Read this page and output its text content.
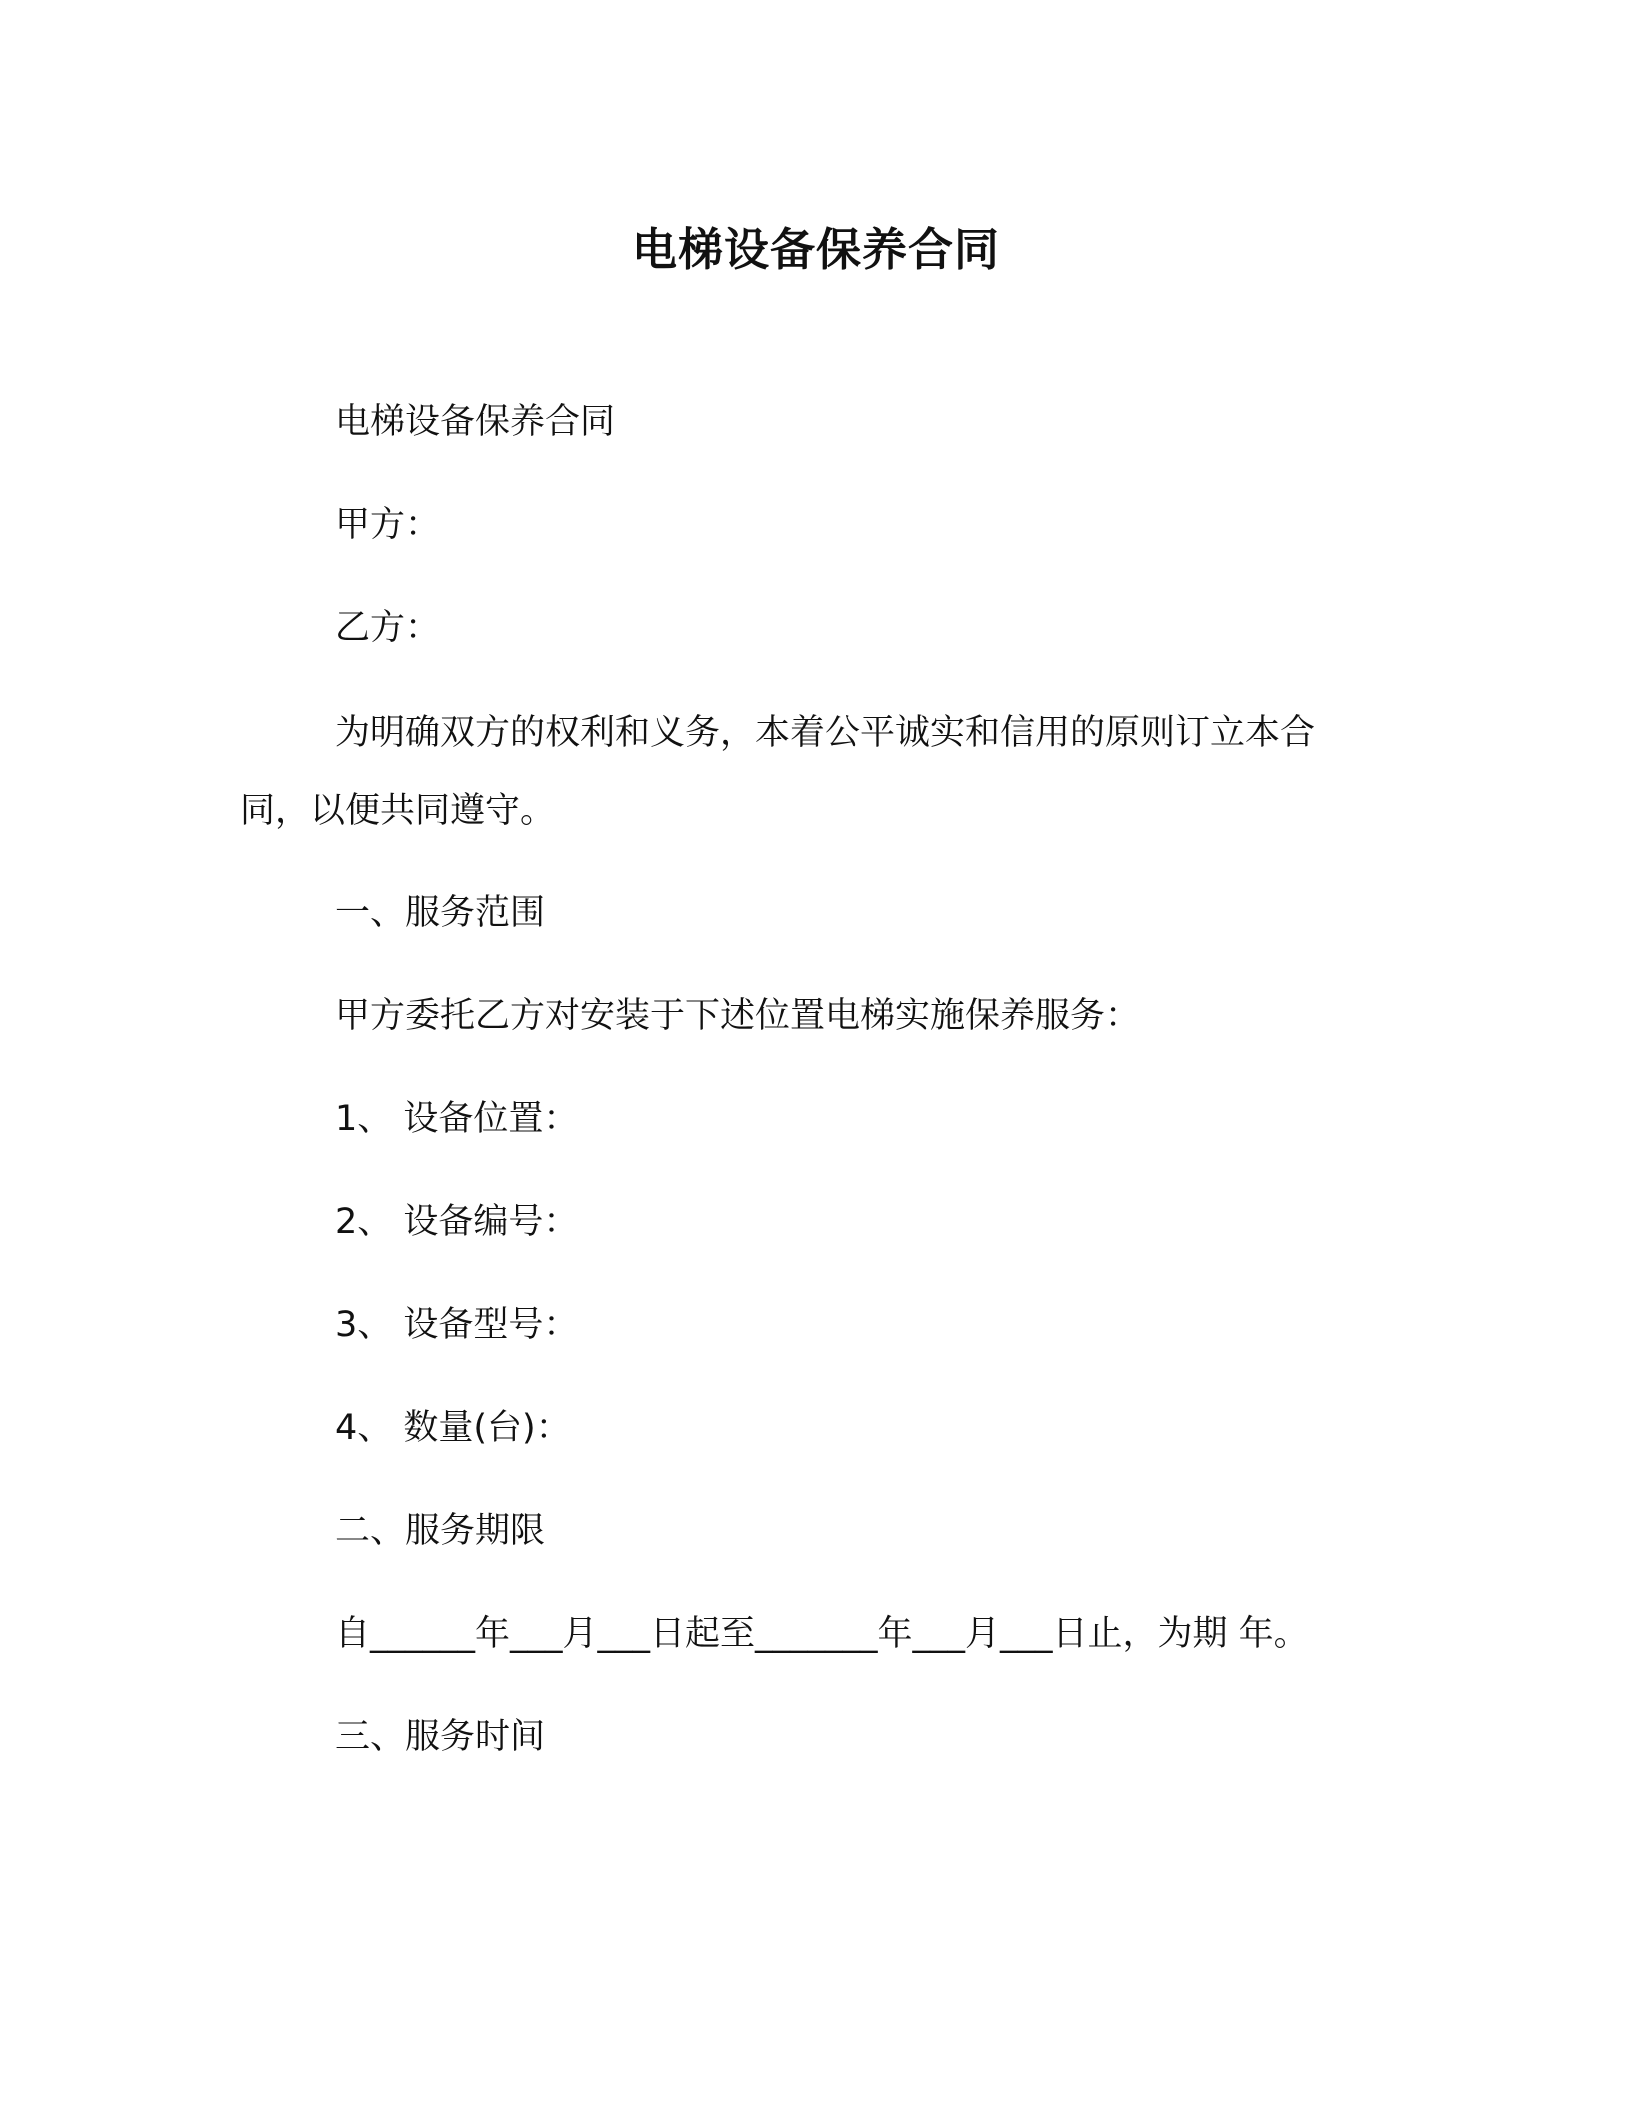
电梯设备保养合同

电梯设备保养合同

甲方：

乙方：

为明确双方的权利和义务，本着公平诚实和信用的原则订立本合

同，以便共同遵守。

一、服务范围

甲方委托乙方对安装于下述位置电梯实施保养服务：

1、 设备位置：

2、 设备编号：

3、 设备型号：

4、 数量(台)：

二、服务期限

自______年___月___日起至_______年___月___日止，为期 年。

三、服务时间
